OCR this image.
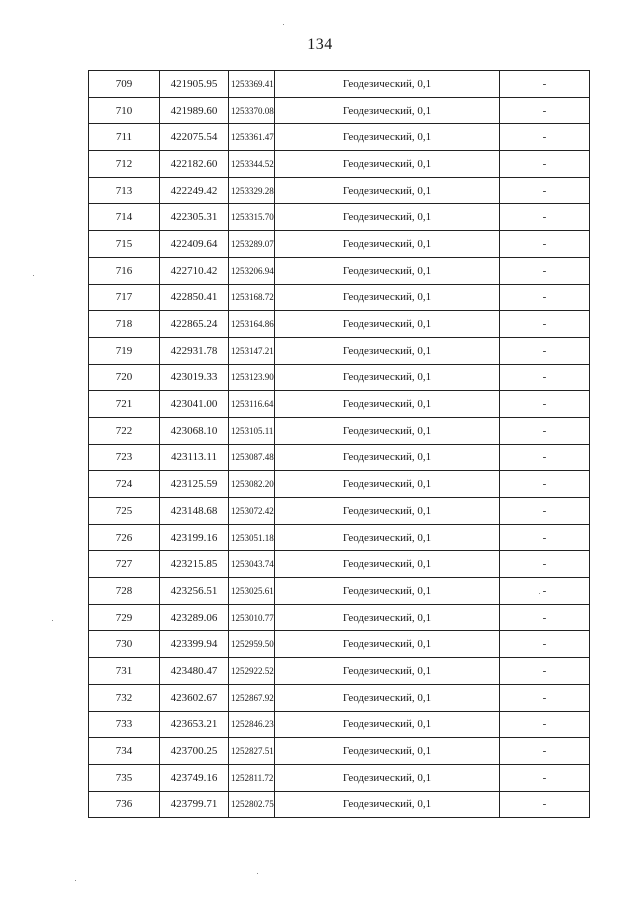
134
709	421905.95	1253369.41	Геодезический, 0,1	-
710	421989.60	1253370.08	Геодезический, 0,1	-
711	422075.54	1253361.47	Геодезический, 0,1	-
712	422182.60	1253344.52	Геодезический, 0,1	-
713	422249.42	1253329.28	Геодезический, 0,1	-
714	422305.31	1253315.70	Геодезический, 0,1	-
715	422409.64	1253289.07	Геодезический, 0,1	-
716	422710.42	1253206.94	Геодезический, 0,1	-
717	422850.41	1253168.72	Геодезический, 0,1	-
718	422865.24	1253164.86	Геодезический, 0,1	-
719	422931.78	1253147.21	Геодезический, 0,1	-
720	423019.33	1253123.90	Геодезический, 0,1	-
721	423041.00	1253116.64	Геодезический, 0,1	-
722	423068.10	1253105.11	Геодезический, 0,1	-
723	423113.11	1253087.48	Геодезический, 0,1	-
724	423125.59	1253082.20	Геодезический, 0,1	-
725	423148.68	1253072.42	Геодезический, 0,1	-
726	423199.16	1253051.18	Геодезический, 0,1	-
727	423215.85	1253043.74	Геодезический, 0,1	-
728	423256.51	1253025.61	Геодезический, 0,1	-
729	423289.06	1253010.77	Геодезический, 0,1	-
730	423399.94	1252959.50	Геодезический, 0,1	-
731	423480.47	1252922.52	Геодезический, 0,1	-
732	423602.67	1252867.92	Геодезический, 0,1	-
733	423653.21	1252846.23	Геодезический, 0,1	-
734	423700.25	1252827.51	Геодезический, 0,1	-
735	423749.16	1252811.72	Геодезический, 0,1	-
736	423799.71	1252802.75	Геодезический, 0,1	-
